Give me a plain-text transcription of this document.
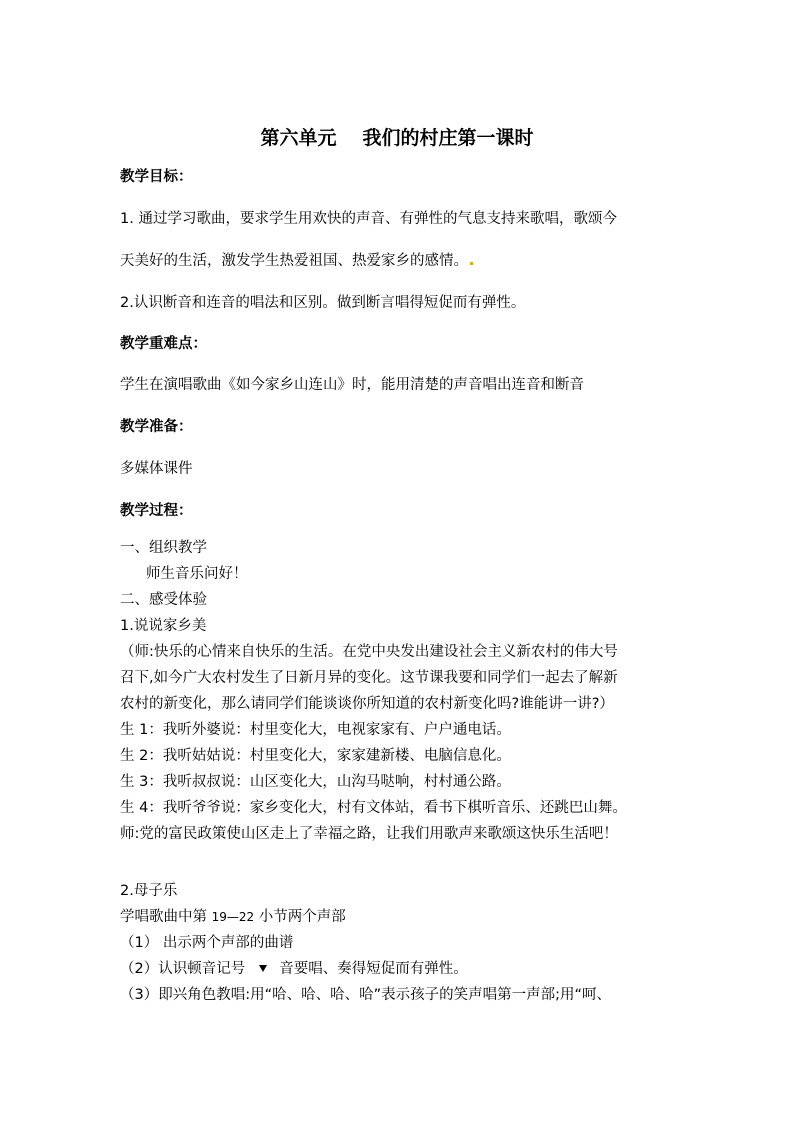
第六单元 我们的村庄第一课时
教学目标：
1. 通过学习歌曲，要求学生用欢快的声音、有弹性的气息支持来歌唱，歌颂今
天美好的生活，激发学生热爱祖国、热爱家乡的感情。
2.认识断音和连音的唱法和区别。做到断言唱得短促而有弹性。
教学重难点：
学生在演唱歌曲《如今家乡山连山》时，能用清楚的声音唱出连音和断音
教学准备：
多媒体课件
教学过程：
一、组织教学
师生音乐问好！
二、感受体验
1.说说家乡美
（师:快乐的心情来自快乐的生活。在党中央发出建设社会主义新农村的伟大号
召下,如今广大农村发生了日新月异的变化。这节课我要和同学们一起去了解新
农村的新变化，那么请同学们能谈谈你所知道的农村新变化吗?谁能讲一讲?）
生 1：我听外婆说：村里变化大，电视家家有、户户通电话。
生 2：我听姑姑说：村里变化大，家家建新楼、电脑信息化。
生 3：我听叔叔说：山区变化大，山沟马哒响，村村通公路。
生 4：我听爷爷说：家乡变化大，村有文体站，看书下棋听音乐、还跳巴山舞。
师:党的富民政策使山区走上了幸福之路，让我们用歌声来歌颂这快乐生活吧！
2.母子乐
学唱歌曲中第 19—22 小节两个声部
（1） 出示两个声部的曲谱
（2）认识顿音记号 音要唱、奏得短促而有弹性。
（3）即兴角色教唱:用“哈、哈、哈、哈”表示孩子的笑声唱第一声部;用“呵、
